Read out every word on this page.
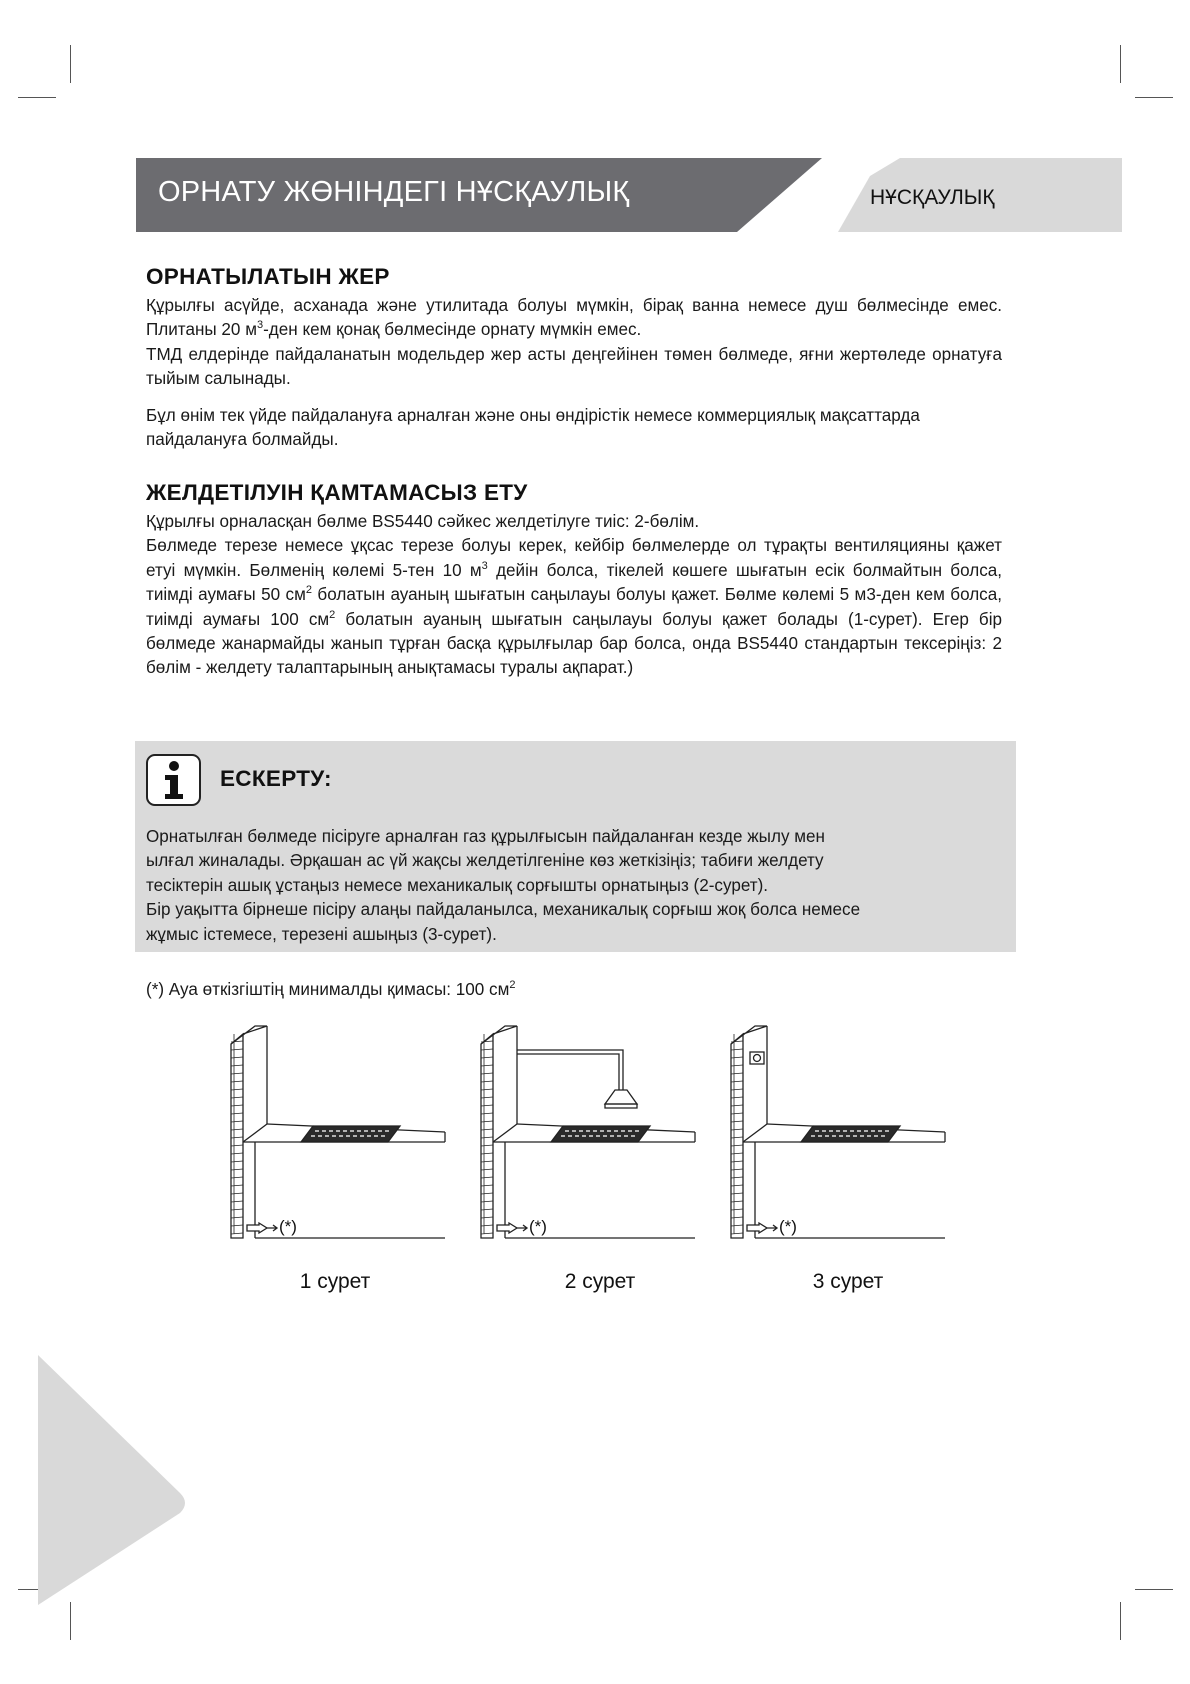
ОРНАТУ ЖӨНІНДЕГІ НҰСҚАУЛЫҚ	НҰСҚАУЛЫҚ
ОРНАТЫЛАТЫН ЖЕР

Құрылғы асүйде, асханада және утилитада болуы мүмкін, бірақ ванна немесе душ бөлмесінде емес. Плитаны 20 $м^3$-ден кем қонақ бөлмесінде орнату мүмкін емес.

ТМД елдерінде пайдаланатын модельдер жер асты деңгейінен төмен бөлмеде, яғни жертөледе орнатуға тыйым салынады.

Бұл өнім тек үйде пайдалануға арналған және оны өндірістік немесе коммерциялық мақсаттарда пайдалануға болмайды.

ЖЕЛДЕТІЛУІН ҚАМТАМАСЫЗ ЕТУ

Құрылғы орналасқан бөлме BS5440 сәйкес желдетілуге тиіс: 2-бөлім.

Бөлмеде терезе немесе ұқсас терезе болуы керек, кейбір бөлмелерде ол тұрақты вентиляцияны қажет етуі мүмкін. Бөлменің көлемі 5-тен 10 $м^3$ дейін болса, тікелей көшеге шығатын есік болмайтын болса, тиімді аумағы 50 $см^2$ болатын ауаның шығатын саңылауы болуы қажет. Бөлме көлемі 5 м3-ден кем болса, тиімді аумағы 100 $см^2$ болатын ауаның шығатын саңылауы болуы қажет болады (1-сурет). Егер бір бөлмеде жанармайды жанып тұрған басқа құрылғылар бар болса, онда BS5440 стандартын тексеріңіз: 2 бөлім - желдету талаптарының анықтамасы туралы ақпарат.)

ЕСКЕРТУ:

Орнатылған бөлмеде пісіруге арналған газ құрылғысын пайдаланған кезде жылу мен

ылғал жиналады. Әрқашан ас үй жақсы желдетілгеніне көз жеткізіңіз; табиғи желдету

тесіктерін ашық ұстаңыз немесе механикалық сорғышты орнатыңыз (2-сурет).

Бір уақытта бірнеше пісіру алаңы пайдаланылса, механикалық сорғыш жоқ болса немесе

жұмыс істемесе, терезені ашыңыз (3-сурет).

(*) Ауа өткізгіштің минималды қимасы: 100 $см^2$
(*)	(*)	(*)
1 сурет	2 сурет	3 сурет
